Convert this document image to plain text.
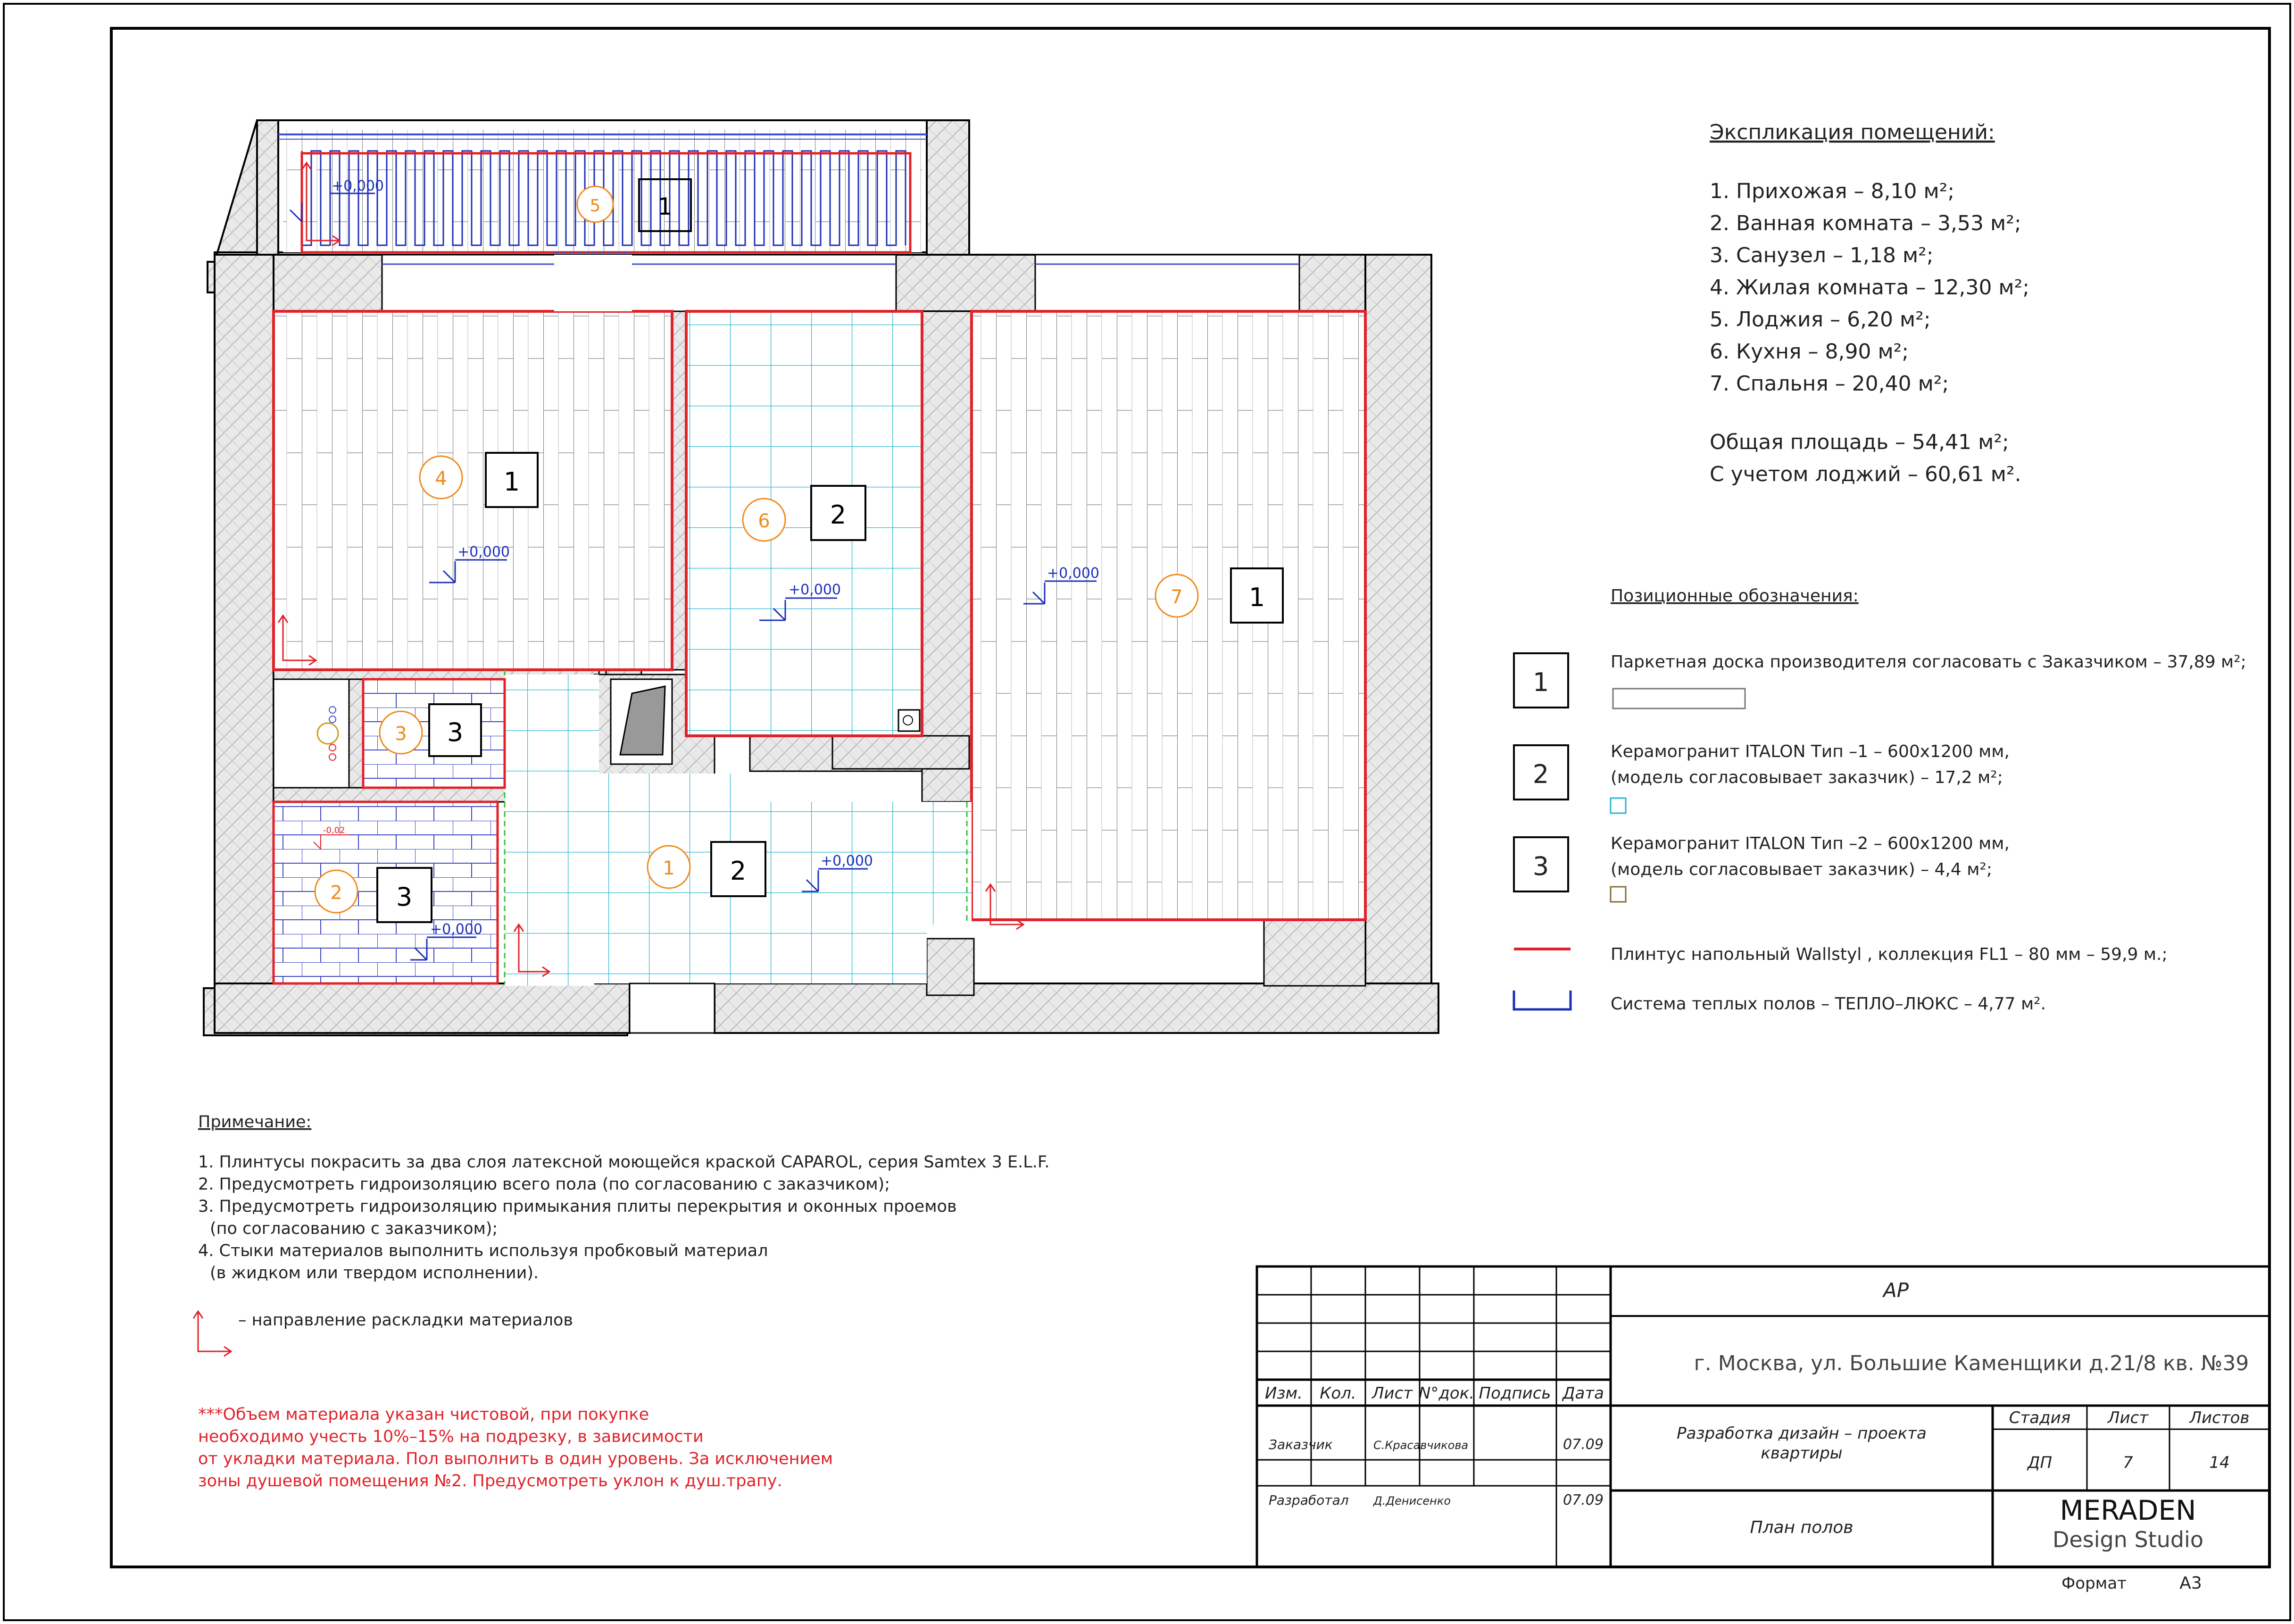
5 1
4 1
6 2
7	1
3 3
2 3
1 2
+0,000
+0,000
+0,000
+0,000
+0,000
+0,000
-0,02
Экспликация помещений:
1. Прихожая – 8,10 м²;
2. Ванная комната – 3,53 м²;
3. Санузел – 1,18 м²;
4. Жилая комната – 12,30 м²;
5. Лоджия – 6,20 м²;
6. Кухня – 8,90 м²;
7. Спальня – 20,40 м²;
Общая площадь – 54,41 м²;
С учетом лоджий – 60,61 м².
Позиционные обозначения:
1
Паркетная доска производителя согласовать с Заказчиком – 37,89 м²;
2
Керамогранит ITALON Тип –1 – 600х1200 мм,
(модель согласовывает заказчик) – 17,2 м²;
3
Керамогранит ITALON Тип –2 – 600х1200 мм,
(модель согласовывает заказчик) – 4,4 м²;
Плинтус напольный Wallstyl , коллекция FL1 – 80 мм – 59,9 м.;
Система теплых полов – ТЕПЛО–ЛЮКС – 4,77 м².
Примечание:
1. Плинтусы покрасить за два слоя латексной моющейся краской CAPAROL, серия Samtex 3 E.L.F.
2. Предусмотреть гидроизоляцию всего пола (по согласованию с заказчиком);
3. Предусмотреть гидроизоляцию примыкания плиты перекрытия и оконных проемов
(по согласованию с заказчиком);
4. Стыки материалов выполнить используя пробковый материал
(в жидком или твердом исполнении).
– направление раскладки материалов
***Объем материала указан чистовой, при покупке
необходимо учесть 10%–15% на подрезку, в зависимости
от укладки материала. Пол выполнить в один уровень. За исключением
зоны душевой помещения №2. Предусмотреть уклон к душ.трапу.
Изм. Кол. Лист N°док. Подпись Дата
Заказчик	С.Красавчикова	07.09
Разработал Д.Денисенко	07.09
АР
г. Москва, ул. Большие Каменщики д.21/8 кв. №39
Разработка дизайн – проекта
квартиры
Стадия Лист	Листов
ДП	7	14
План полов
MERADEN
Design Studio
Формат	А3
